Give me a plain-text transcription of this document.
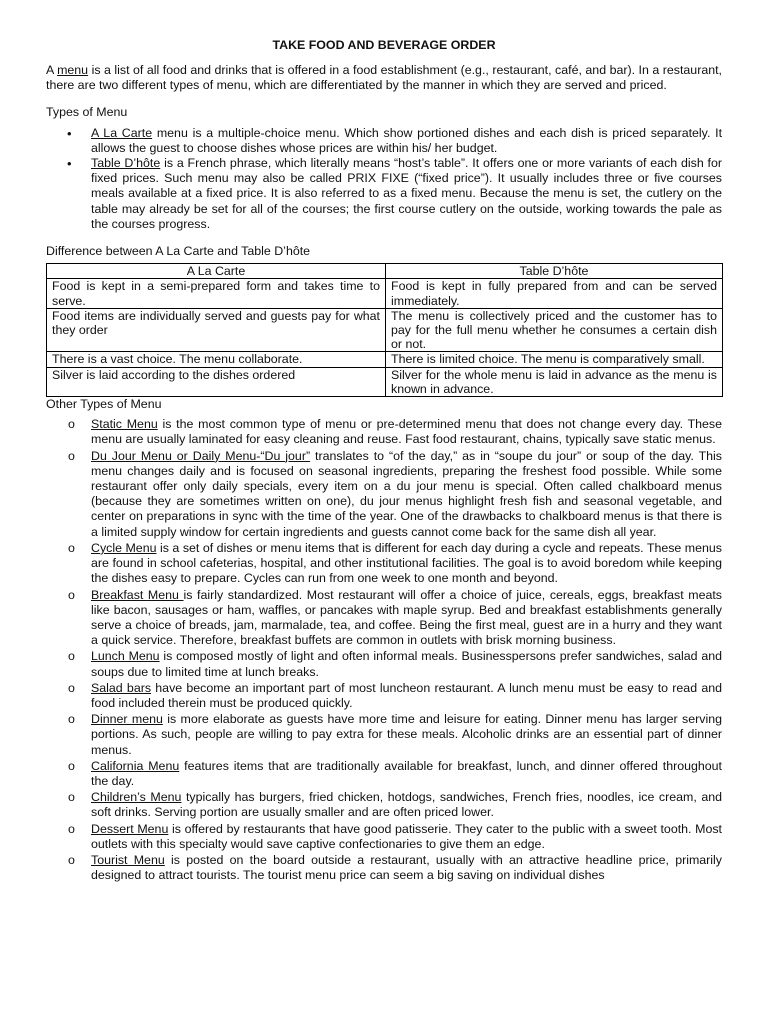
TAKE FOOD AND BEVERAGE ORDER

A menu is a list of all food and drinks that is offered in a food establishment (e.g., restaurant, café, and bar). In a restaurant, there are two different types of menu, which are differentiated by the manner in which they are served and priced.

Types of Menu

• A La Carte menu is a multiple-choice menu. Which show portioned dishes and each dish is priced separately. It allows the guest to choose dishes whose prices are within his/ her budget.
• Table D’hôte is a French phrase, which literally means “host’s table”. It offers one or more variants of each dish for fixed prices. Such menu may also be called PRIX FIXE (“fixed price”). It usually includes three or five courses meals available at a fixed price. It is also referred to as a fixed menu. Because the menu is set, the cutlery on the table may already be set for all of the courses; the first course cutlery on the outside, working towards the pale as the courses progress.

Difference between A La Carte and Table D’hôte

A La Carte	Table D’hôte
Food is kept in a semi-prepared form and takes time to serve.	Food is kept in fully prepared from and can be served immediately.
Food items are individually served and guests pay for what they order	The menu is collectively priced and the customer has to pay for the full menu whether he consumes a certain dish or not.
There is a vast choice. The menu collaborate.	There is limited choice. The menu is comparatively small.
Silver is laid according to the dishes ordered	Silver for the whole menu is laid in advance as the menu is known in advance.

Other Types of Menu

o Static Menu is the most common type of menu or pre-determined menu that does not change every day. These menu are usually laminated for easy cleaning and reuse. Fast food restaurant, chains, typically save static menus.
o Du Jour Menu or Daily Menu-“Du jour” translates to “of the day,” as in “soupe du jour” or soup of the day. This menu changes daily and is focused on seasonal ingredients, preparing the freshest food possible. While some restaurant offer only daily specials, every item on a du jour menu is special. Often called chalkboard menus (because they are sometimes written on one), du jour menus highlight fresh fish and seasonal vegetable, and center on preparations in sync with the time of the year. One of the drawbacks to chalkboard menus is that there is a limited supply window for certain ingredients and guests cannot come back for the same dish all year.
o Cycle Menu is a set of dishes or menu items that is different for each day during a cycle and repeats. These menus are found in school cafeterias, hospital, and other institutional facilities. The goal is to avoid boredom while keeping the dishes easy to prepare. Cycles can run from one week to one month and beyond.
o Breakfast Menu is fairly standardized. Most restaurant will offer a choice of juice, cereals, eggs, breakfast meats like bacon, sausages or ham, waffles, or pancakes with maple syrup. Bed and breakfast establishments generally serve a choice of breads, jam, marmalade, tea, and coffee. Being the first meal, guest are in a hurry and they want a quick service. Therefore, breakfast buffets are common in outlets with brisk morning business.
o Lunch Menu is composed mostly of light and often informal meals. Businesspersons prefer sandwiches, salad and soups due to limited time at lunch breaks.
o Salad bars have become an important part of most luncheon restaurant. A lunch menu must be easy to read and food included therein must be produced quickly.
o Dinner menu is more elaborate as guests have more time and leisure for eating. Dinner menu has larger serving portions. As such, people are willing to pay extra for these meals. Alcoholic drinks are an essential part of dinner menus.
o California Menu features items that are traditionally available for breakfast, lunch, and dinner offered throughout the day.
o Children’s Menu typically has burgers, fried chicken, hotdogs, sandwiches, French fries, noodles, ice cream, and soft drinks. Serving portion are usually smaller and are often priced lower.
o Dessert Menu is offered by restaurants that have good patisserie. They cater to the public with a sweet tooth. Most outlets with this specialty would save captive confectionaries to give them an edge.
o Tourist Menu is posted on the board outside a restaurant, usually with an attractive headline price, primarily designed to attract tourists. The tourist menu price can seem a big saving on individual dishes
